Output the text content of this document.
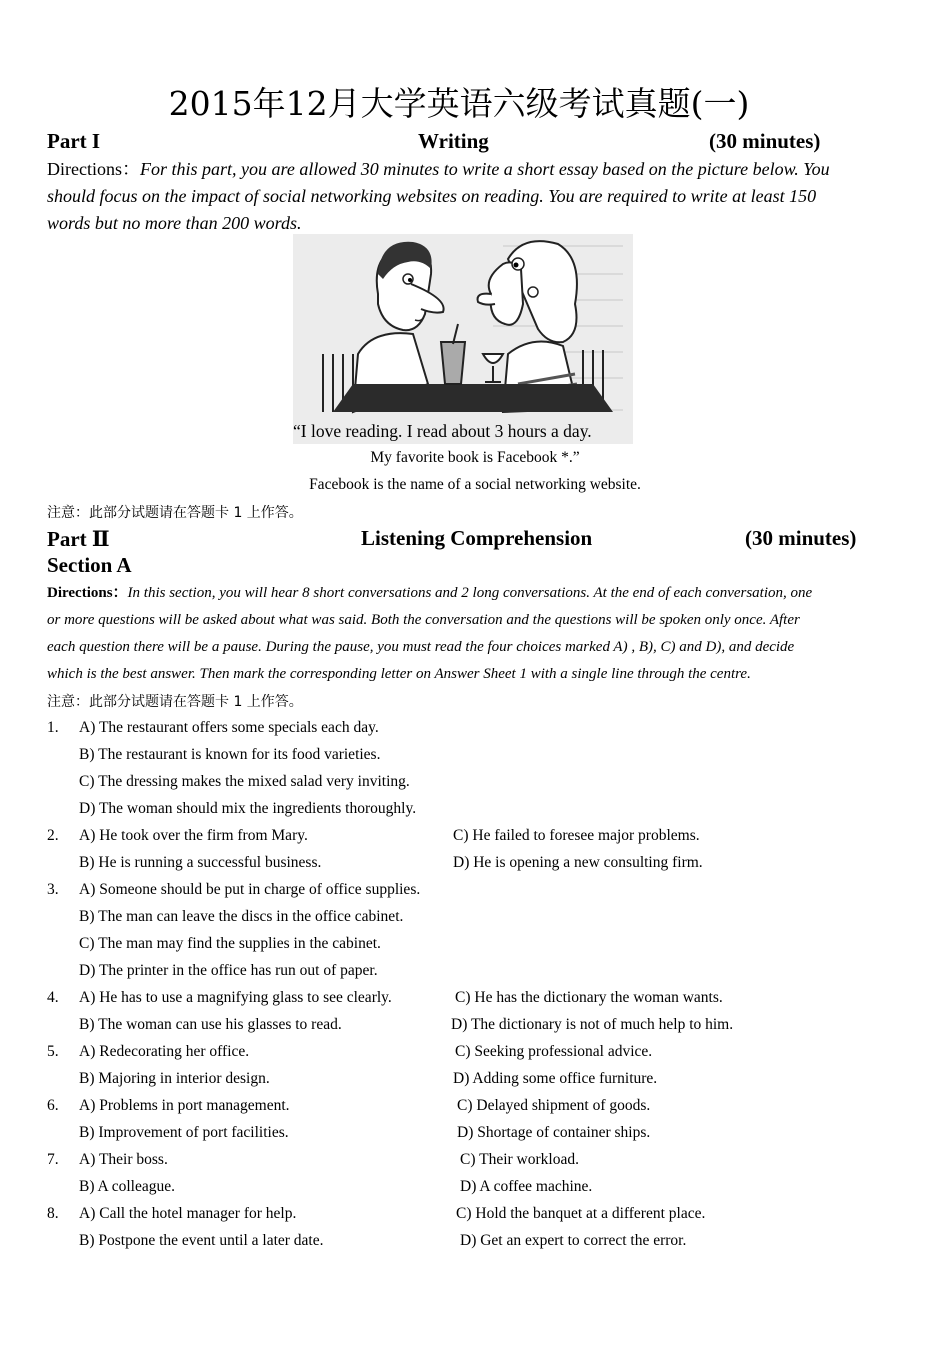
2015年12月大学英语六级考试真题(一)
Part I	Writing	(30 minutes)
Directions：For this part, you are allowed 30 minutes to write a short essay based on the picture below. You
should focus on the impact of social networking websites on reading. You are required to write at least 150
words but no more than 200 words.
“I love reading. I read about 3 hours a day.
My favorite book is Facebook *.”
Facebook is the name of a social networking website.
注意：此部分试题请在答题卡 1 上作答。
Part Ⅱ	Listening Comprehension	(30 minutes)
Section A
Directions：In this section, you will hear 8 short conversations and 2 long conversations. At the end of each conversation, one
or more questions will be asked about what was said. Both the conversation and the questions will be spoken only once. After
each question there will be a pause. During the pause, you must read the four choices marked A) , B), C) and D), and decide
which is the best answer. Then mark the corresponding letter on Answer Sheet 1 with a single line through the centre.
注意：此部分试题请在答题卡 1 上作答。
1. A) The restaurant offers some specials each day.
B) The restaurant is known for its food varieties.
C) The dressing makes the mixed salad very inviting.
D) The woman should mix the ingredients thoroughly.
2. A) He took over the firm from Mary.	C) He failed to foresee major problems.
B) He is running a successful business.	D) He is opening a new consulting firm.
3. A) Someone should be put in charge of office supplies.
B) The man can leave the discs in the office cabinet.
C) The man may find the supplies in the cabinet.
D) The printer in the office has run out of paper.
4. A) He has to use a magnifying glass to see clearly.	C) He has the dictionary the woman wants.
B) The woman can use his glasses to read.	D) The dictionary is not of much help to him.
5. A) Redecorating her office.	C) Seeking professional advice.
B) Majoring in interior design.	D) Adding some office furniture.
6. A) Problems in port management.	C) Delayed shipment of goods.
B) Improvement of port facilities.	D) Shortage of container ships.
7. A) Their boss.	C) Their workload.
B) A colleague.	D) A coffee machine.
8. A) Call the hotel manager for help.	C) Hold the banquet at a different place.
B) Postpone the event until a later date.	D) Get an expert to correct the error.
